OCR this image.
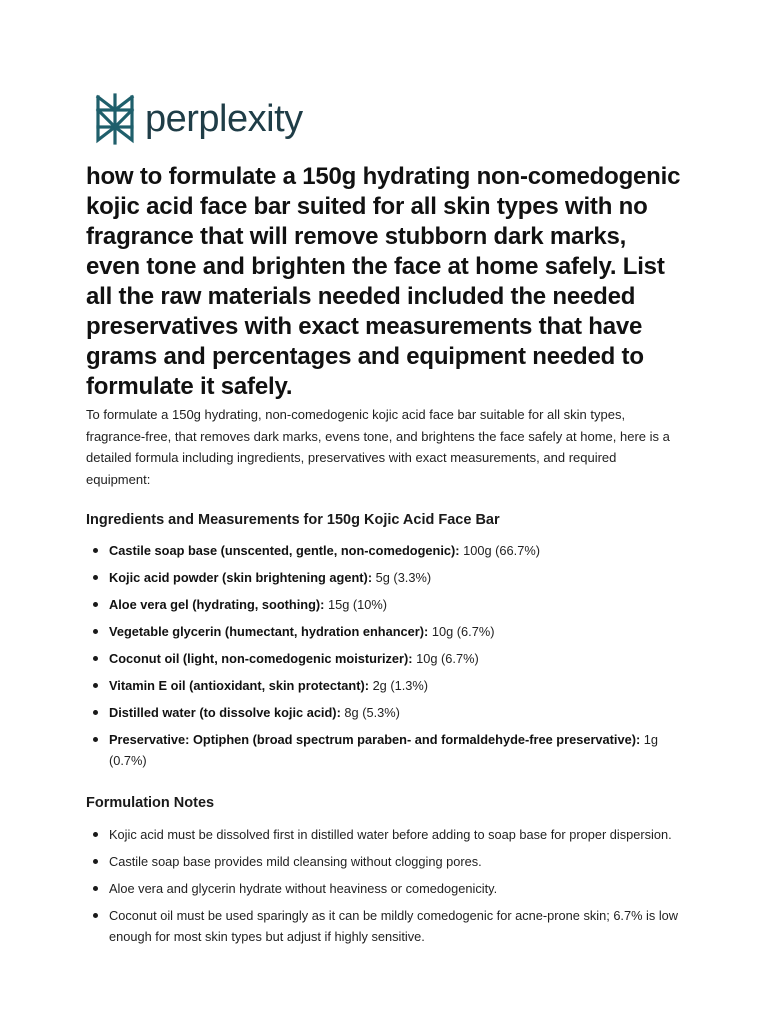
perplexity
how to formulate a 150g hydrating non-comedogenic kojic acid face bar suited for all skin types with no fragrance that will remove stubborn dark marks, even tone and brighten the face at home safely. List all the raw materials needed included the needed preservatives with exact measurements that have grams and percentages and equipment needed to formulate it safely.

To formulate a 150g hydrating, non-comedogenic kojic acid face bar suitable for all skin types, fragrance-free, that removes dark marks, evens tone, and brightens the face safely at home, here is a detailed formula including ingredients, preservatives with exact measurements, and required equipment:

Ingredients and Measurements for 150g Kojic Acid Face Bar
Castile soap base (unscented, gentle, non-comedogenic): 100g (66.7%)
Kojic acid powder (skin brightening agent): 5g (3.3%)
Aloe vera gel (hydrating, soothing): 15g (10%)
Vegetable glycerin (humectant, hydration enhancer): 10g (6.7%)
Coconut oil (light, non-comedogenic moisturizer): 10g (6.7%)
Vitamin E oil (antioxidant, skin protectant): 2g (1.3%)
Distilled water (to dissolve kojic acid): 8g (5.3%)
Preservative: Optiphen (broad spectrum paraben- and formaldehyde-free preservative): 1g (0.7%)
Formulation Notes
Kojic acid must be dissolved first in distilled water before adding to soap base for proper dispersion.
Castile soap base provides mild cleansing without clogging pores.
Aloe vera and glycerin hydrate without heaviness or comedogenicity.
Coconut oil must be used sparingly as it can be mildly comedogenic for acne-prone skin; 6.7% is low enough for most skin types but adjust if highly sensitive.
